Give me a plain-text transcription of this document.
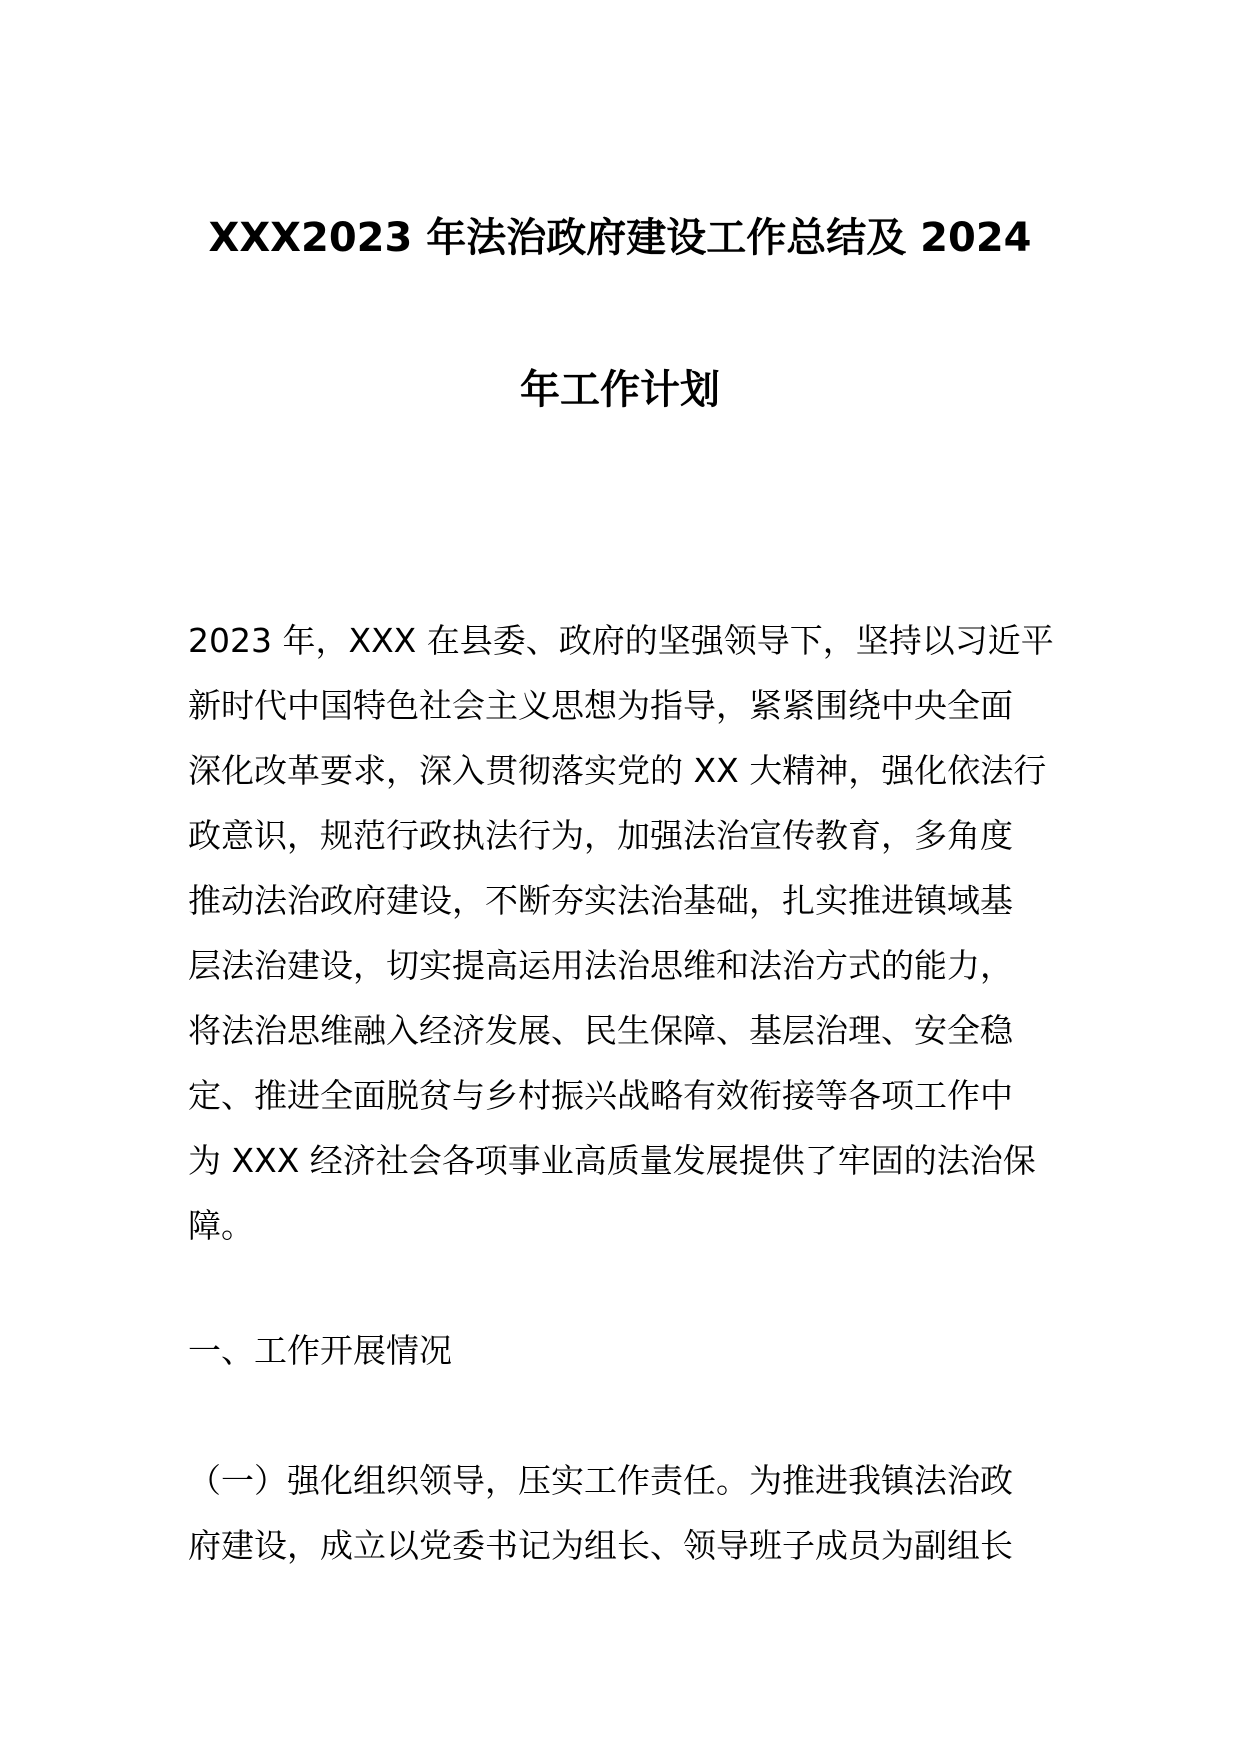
XXX2023 年法治政府建设工作总结及 2024
年工作计划
2023 年，XXX 在县委、政府的坚强领导下，坚持以习近平
新时代中国特色社会主义思想为指导，紧紧围绕中央全面
深化改革要求，深入贯彻落实党的 XX 大精神，强化依法行
政意识，规范行政执法行为，加强法治宣传教育，多角度
推动法治政府建设，不断夯实法治基础，扎实推进镇域基
层法治建设，切实提高运用法治思维和法治方式的能力，
将法治思维融入经济发展、民生保障、基层治理、安全稳
定、推进全面脱贫与乡村振兴战略有效衔接等各项工作中
为 XXX 经济社会各项事业高质量发展提供了牢固的法治保
障。
一、工作开展情况
（一）强化组织领导，压实工作责任。为推进我镇法治政
府建设，成立以党委书记为组长、领导班子成员为副组长
